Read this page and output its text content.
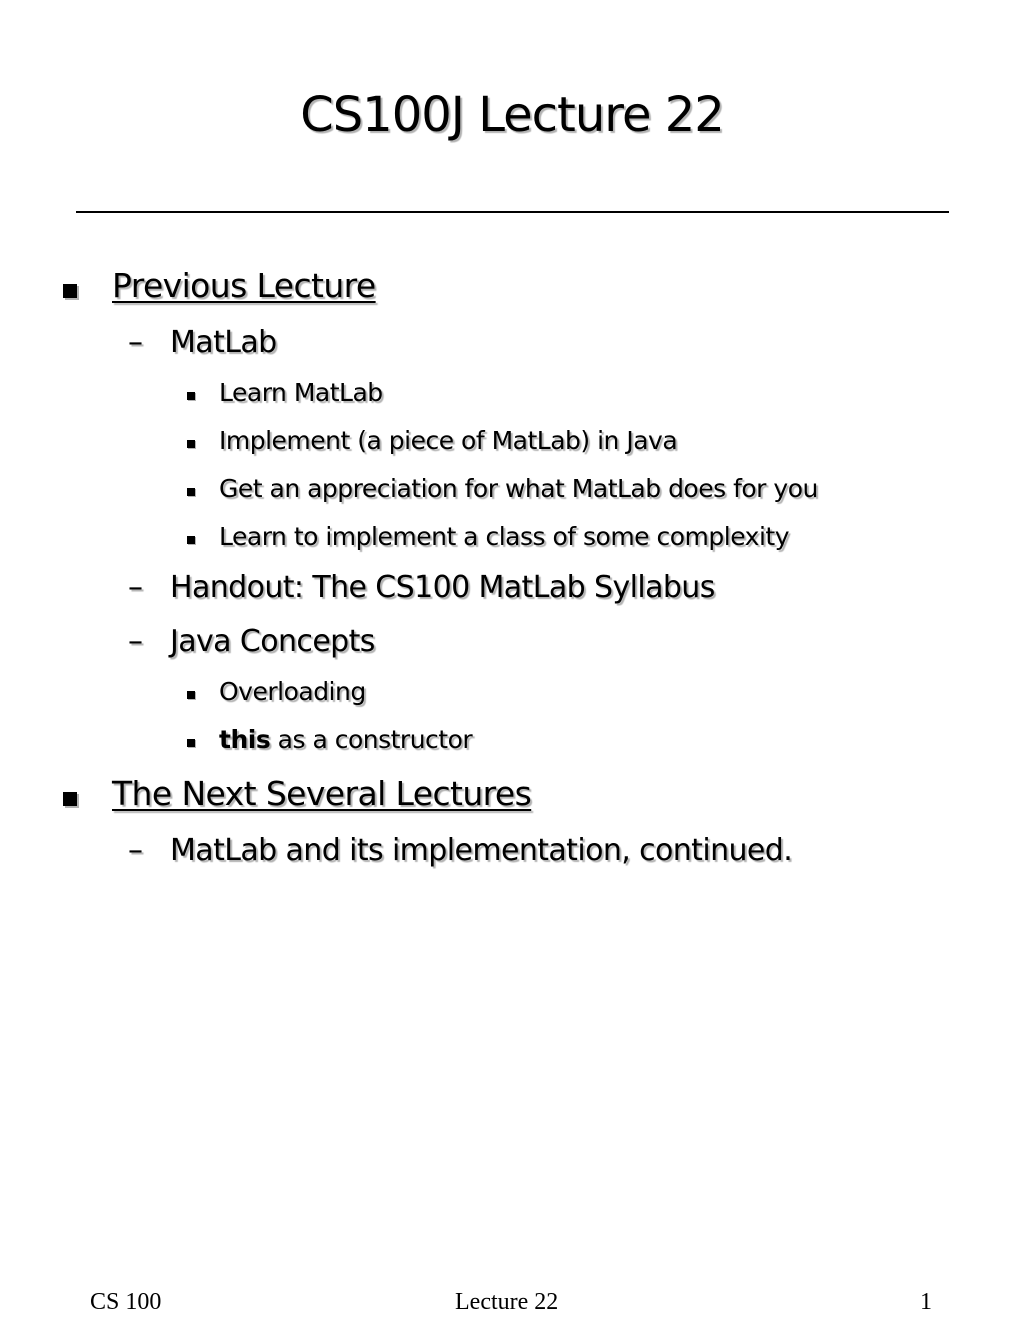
CS100J Lecture 22
Previous Lecture
– MatLab
Learn MatLab
Implement (a piece of MatLab) in Java
Get an appreciation for what MatLab does for you
Learn to implement a class of some complexity
– Handout: The CS100 MatLab Syllabus
– Java Concepts
Overloading
this as a constructor
The Next Several Lectures
– MatLab and its implementation, continued.
CS 100	Lecture 22	1
